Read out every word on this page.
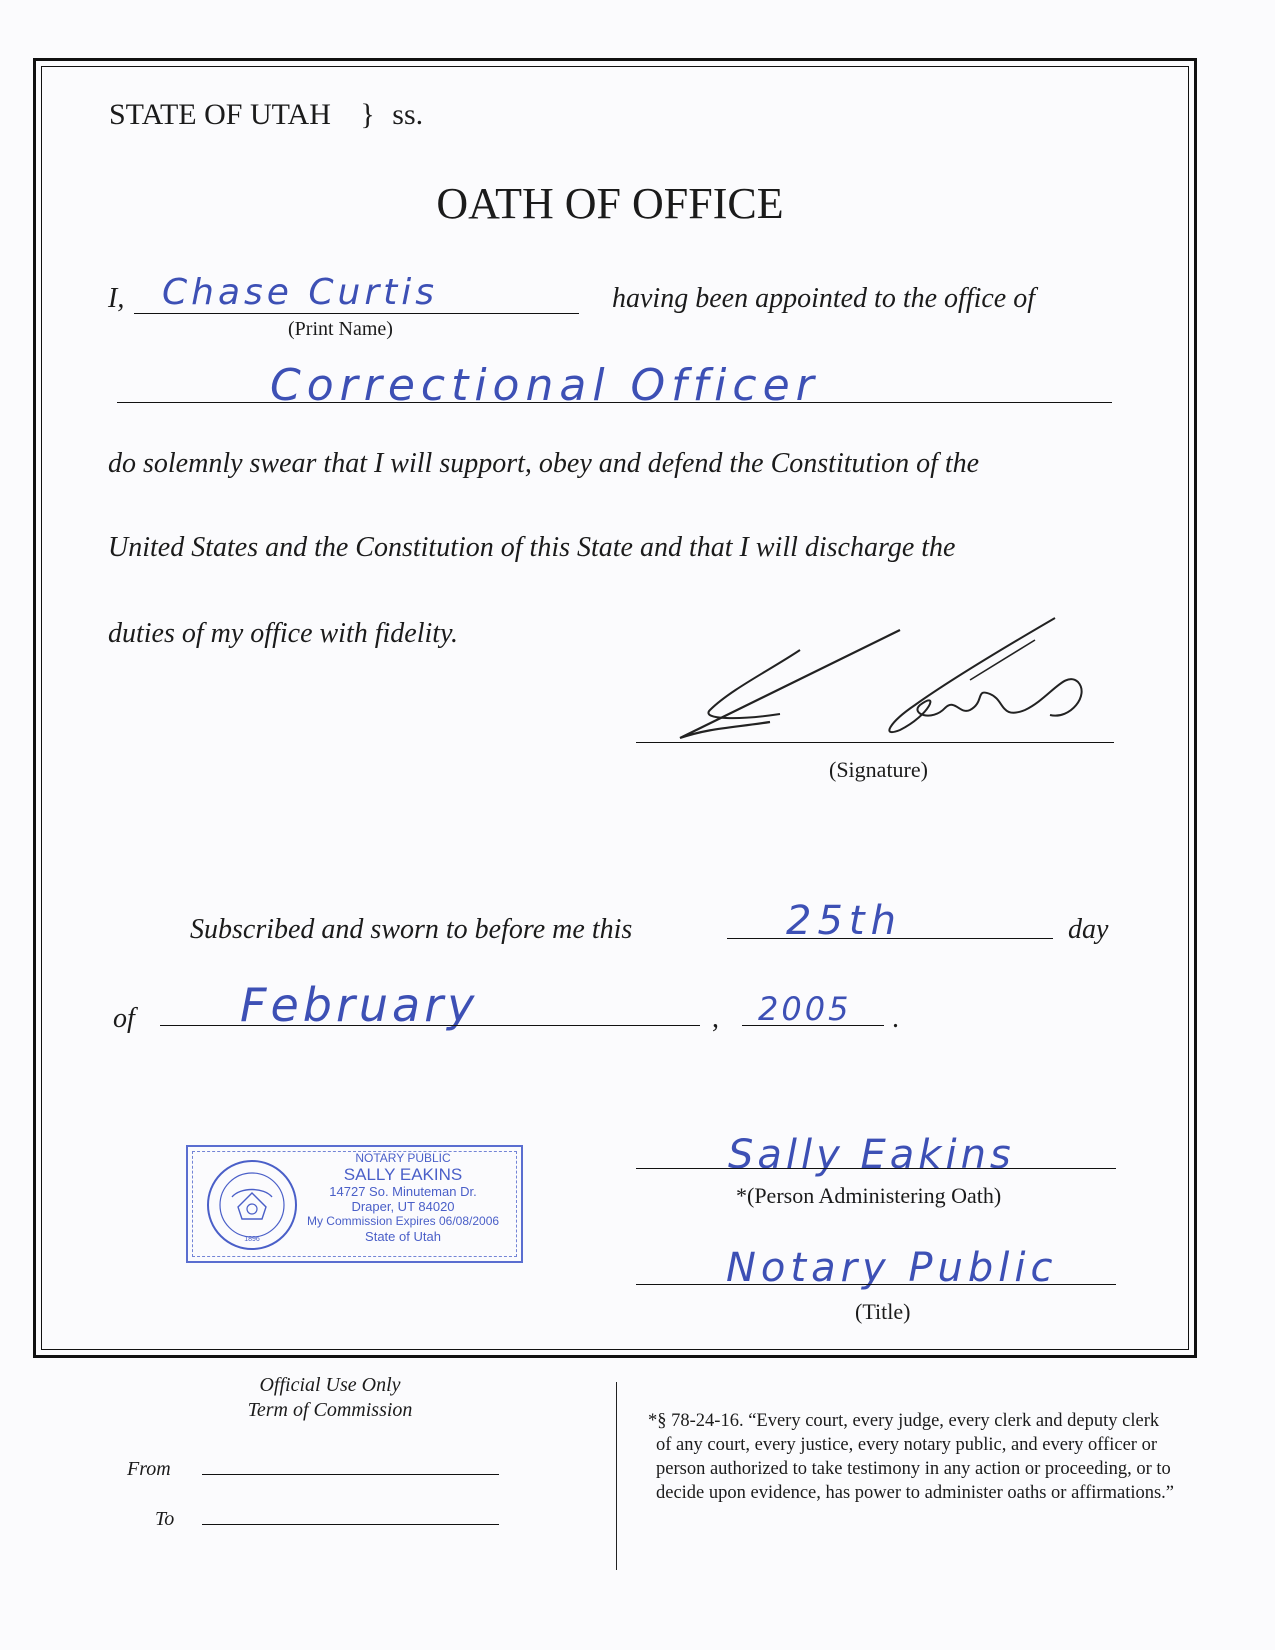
STATE OF UTAH } ss.
OATH OF OFFICE
I, Chase Curtis
(Print Name)
having been appointed to the office of
Correctional Officer
do solemnly swear that I will support, obey and defend the Constitution of the
United States and the Constitution of this State and that I will discharge the
duties of my office with fidelity.
(Signature)
Subscribed and sworn to before me this	25th	day
of February	, 2005 .
1896
NOTARY PUBLIC
SALLY EAKINS
14727 So. Minuteman Dr.
Draper, UT 84020
My Commission Expires 06/08/2006
State of Utah
Sally Eakins
*(Person Administering Oath)
Notary Public
(Title)
Official Use Only
Term of Commission
From
To
*§ 78-24-16. “Every court, every judge, every clerk and deputy clerk of any court, every justice, every notary public, and every officer or person authorized to take testimony in any action or proceeding, or to decide upon evidence, has power to administer oaths or affirmations.”
